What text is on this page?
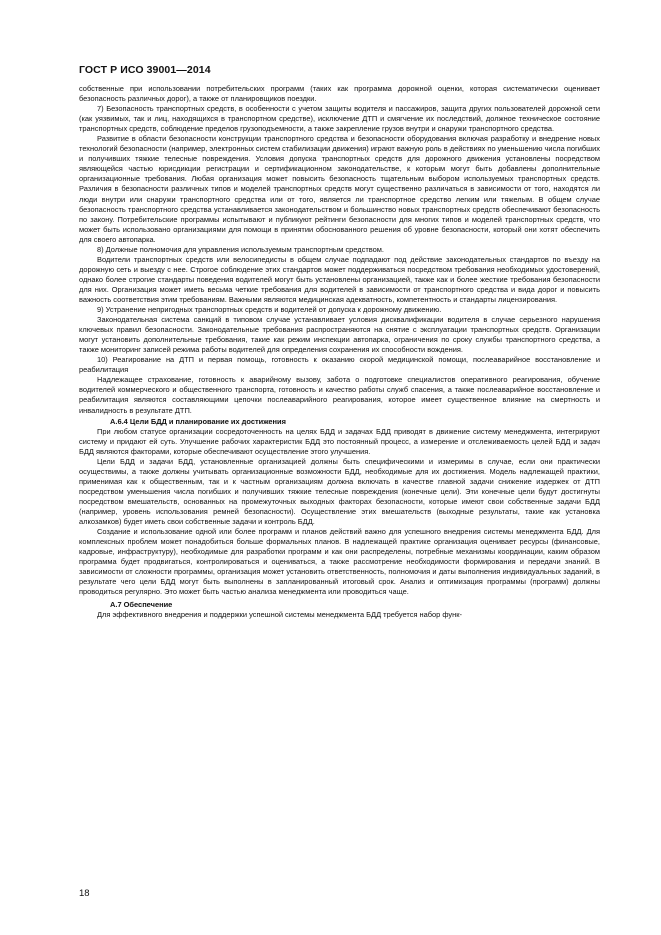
ГОСТ Р ИСО 39001—2014

собственные при использовании потребительских программ (таких как программа дорожной оценки, которая систематически оценивает безопасность различных дорог), а также от планировщиков поездки.

7) Безопасность транспортных средств, в особенности с учетом защиты водителя и пассажиров, защита других пользователей дорожной сети (как уязвимых, так и лиц, находящихся в транспортном средстве), исключение ДТП и смягчение их последствий, должное техническое состояние транспортных средств, соблюдение пределов грузоподъемности, а также закрепление грузов внутри и снаружи транспортного средства.

Развитие в области безопасности конструкции транспортного средства и безопасности оборудования включая разработку и внедрение новых технологий безопасности (например, электронных систем стабилизации движения) играют важную роль в действиях по уменьшению числа погибших и получивших тяжкие телесные повреждения. Условия допуска транспортных средств для дорожного движения установлены посредством являющейся частью юрисдикции регистрации и сертификационном законодательстве, к которым могут быть добавлены дополнительные организационные требования. Любая организация может повысить безопасность тщательным выбором используемых транспортных средств. Различия в безопасности различных типов и моделей транспортных средств могут существенно различаться в зависимости от того, находятся ли люди внутри или снаружи транспортного средства или от того, является ли транспортное средство легким или тяжелым. В общем случае безопасность транспортного средства устанавливается законодательством и большинство новых транспортных средств обеспечивают безопасность по закону. Потребительские программы испытывают и публикуют рейтинги безопасности для многих типов и моделей транспортных средств, что может быть использовано организациями для помощи в принятии обоснованного решения об уровне безопасности, который они хотят обеспечить для своего автопарка.

8) Должные полномочия для управления используемым транспортным средством.

Водители транспортных средств или велосипедисты в общем случае подпадают под действие законодательных стандартов по въезду на дорожную сеть и выезду с нее. Строгое соблюдение этих стандартов может поддерживаться посредством требования необходимых удостоверений, однако более строгие стандарты поведения водителей могут быть установлены организацией, также как и более жесткие требования безопасности для них. Организация может иметь весьма четкие требования для водителей в зависимости от транспортного средства и вида дорог и повысить важность соответствия этим требованиям. Важными являются медицинская адекватность, компетентность и стандарты лицензирования.

9) Устранение непригодных транспортных средств и водителей от допуска к дорожному движению.

Законодательная система санкций в типовом случае устанавливает условия дисквалификации водителя в случае серьезного нарушения ключевых правил безопасности. Законодательные требования распространяются на снятие с эксплуатации транспортных средств. Организации могут установить дополнительные требования, такие как режим инспекции автопарка, ограничения по сроку службы транспортного средства, а также мониторинг записей режима работы водителей для определения сохранения их способности вождения.

10) Реагирование на ДТП и первая помощь, готовность к оказанию скорой медицинской помощи, послеаварийное восстановление и реабилитация

Надлежащее страхование, готовность к аварийному вызову, забота о подготовке специалистов оперативного реагирования, обучение водителей коммерческого и общественного транспорта, готовность и качество работы служб спасения, а также послеаварийное восстановление и реабилитация являются составляющими цепочки послеаварийного реагирования, которое имеет существенное влияние на смертность и инвалидность в результате ДТП.

А.6.4 Цели БДД и планирование их достижения

При любом статусе организации сосредоточенность на целях БДД и задачах БДД приводят в движение систему менеджмента, интегрируют систему и придают ей суть. Улучшение рабочих характеристик БДД это постоянный процесс, а измерение и отслеживаемость целей БДД и задач БДД являются факторами, которые обеспечивают осуществление этого улучшения.

Цели БДД и задачи БДД, установленные организацией должны быть специфическими и измеримы в случае, если они практически осуществимы, а также должны учитывать организационные возможности БДД, необходимые для их достижения. Модель надлежащей практики, применимая как к общественным, так и к частным организациям должна включать в качестве главной задачи снижение издержек от ДТП посредством уменьшения числа погибших и получивших тяжкие телесные повреждения (конечные цели). Эти конечные цели будут достигнуты посредством вмешательств, основанных на промежуточных выходных факторах безопасности, которые имеют свои собственные задачи БДД (например, уровень использования ремней безопасности). Осуществление этих вмешательств (выходные результаты, такие как установка алкозамков) будет иметь свои собственные задачи и контроль БДД.

Создание и использование одной или более программ и планов действий важно для успешного внедрения системы менеджмента БДД. Для комплексных проблем может понадобиться больше формальных планов. В надлежащей практике организация оценивает ресурсы (финансовые, кадровые, инфраструктуру), необходимые для разработки программ и как они распределены, потребные механизмы координации, каким образом программа будет продвигаться, контролироваться и оцениваться, а также рассмотрение необходимости формирования и передачи знаний. В зависимости от сложности программы, организация может установить ответственность, полномочия и даты выполнения индивидуальных заданий, в результате чего цели БДД могут быть выполнены в запланированный итоговый срок. Анализ и оптимизация программы (программ) должны проводиться регулярно. Это может быть частью анализа менеджмента или проводиться чаще.

А.7 Обеспечение

Для эффективного внедрения и поддержки успешной системы менеджмента БДД требуется набор функ-

18
